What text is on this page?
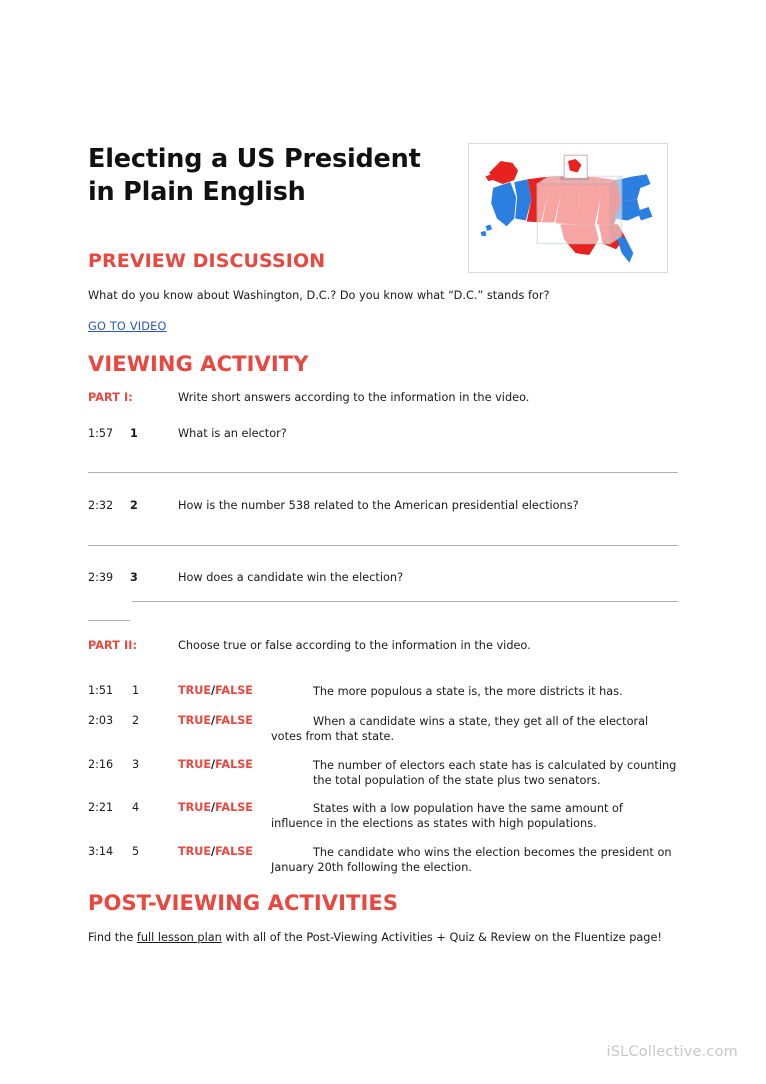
Electing a US President
in Plain English
PREVIEW DISCUSSION
What do you know about Washington, D.C.? Do you know what “D.C.” stands for?
GO TO VIDEO
VIEWING ACTIVITY
PART I:	Write short answers according to the information in the video.
1:57 1	What is an elector?
2:32 2	How is the number 538 related to the American presidential elections?
2:39 3	How does a candidate win the election?
PART II:	Choose true or false according to the information in the video.
1:51 1	TRUE/FALSE	The more populous a state is, the more districts it has.
2:03 2	TRUE/FALSE	When a candidate wins a state, they get all of the electoral
votes from that state.
2:16 3	TRUE/FALSE	The number of electors each state has is calculated by counting
the total population of the state plus two senators.
2:21 4	TRUE/FALSE	States with a low population have the same amount of
influence in the elections as states with high populations.
3:14 5	TRUE/FALSE	The candidate who wins the election becomes the president on
January 20th following the election.
POST-VIEWING ACTIVITIES
Find the full lesson plan with all of the Post-Viewing Activities + Quiz & Review on the Fluentize page!
iSLCollective.com
